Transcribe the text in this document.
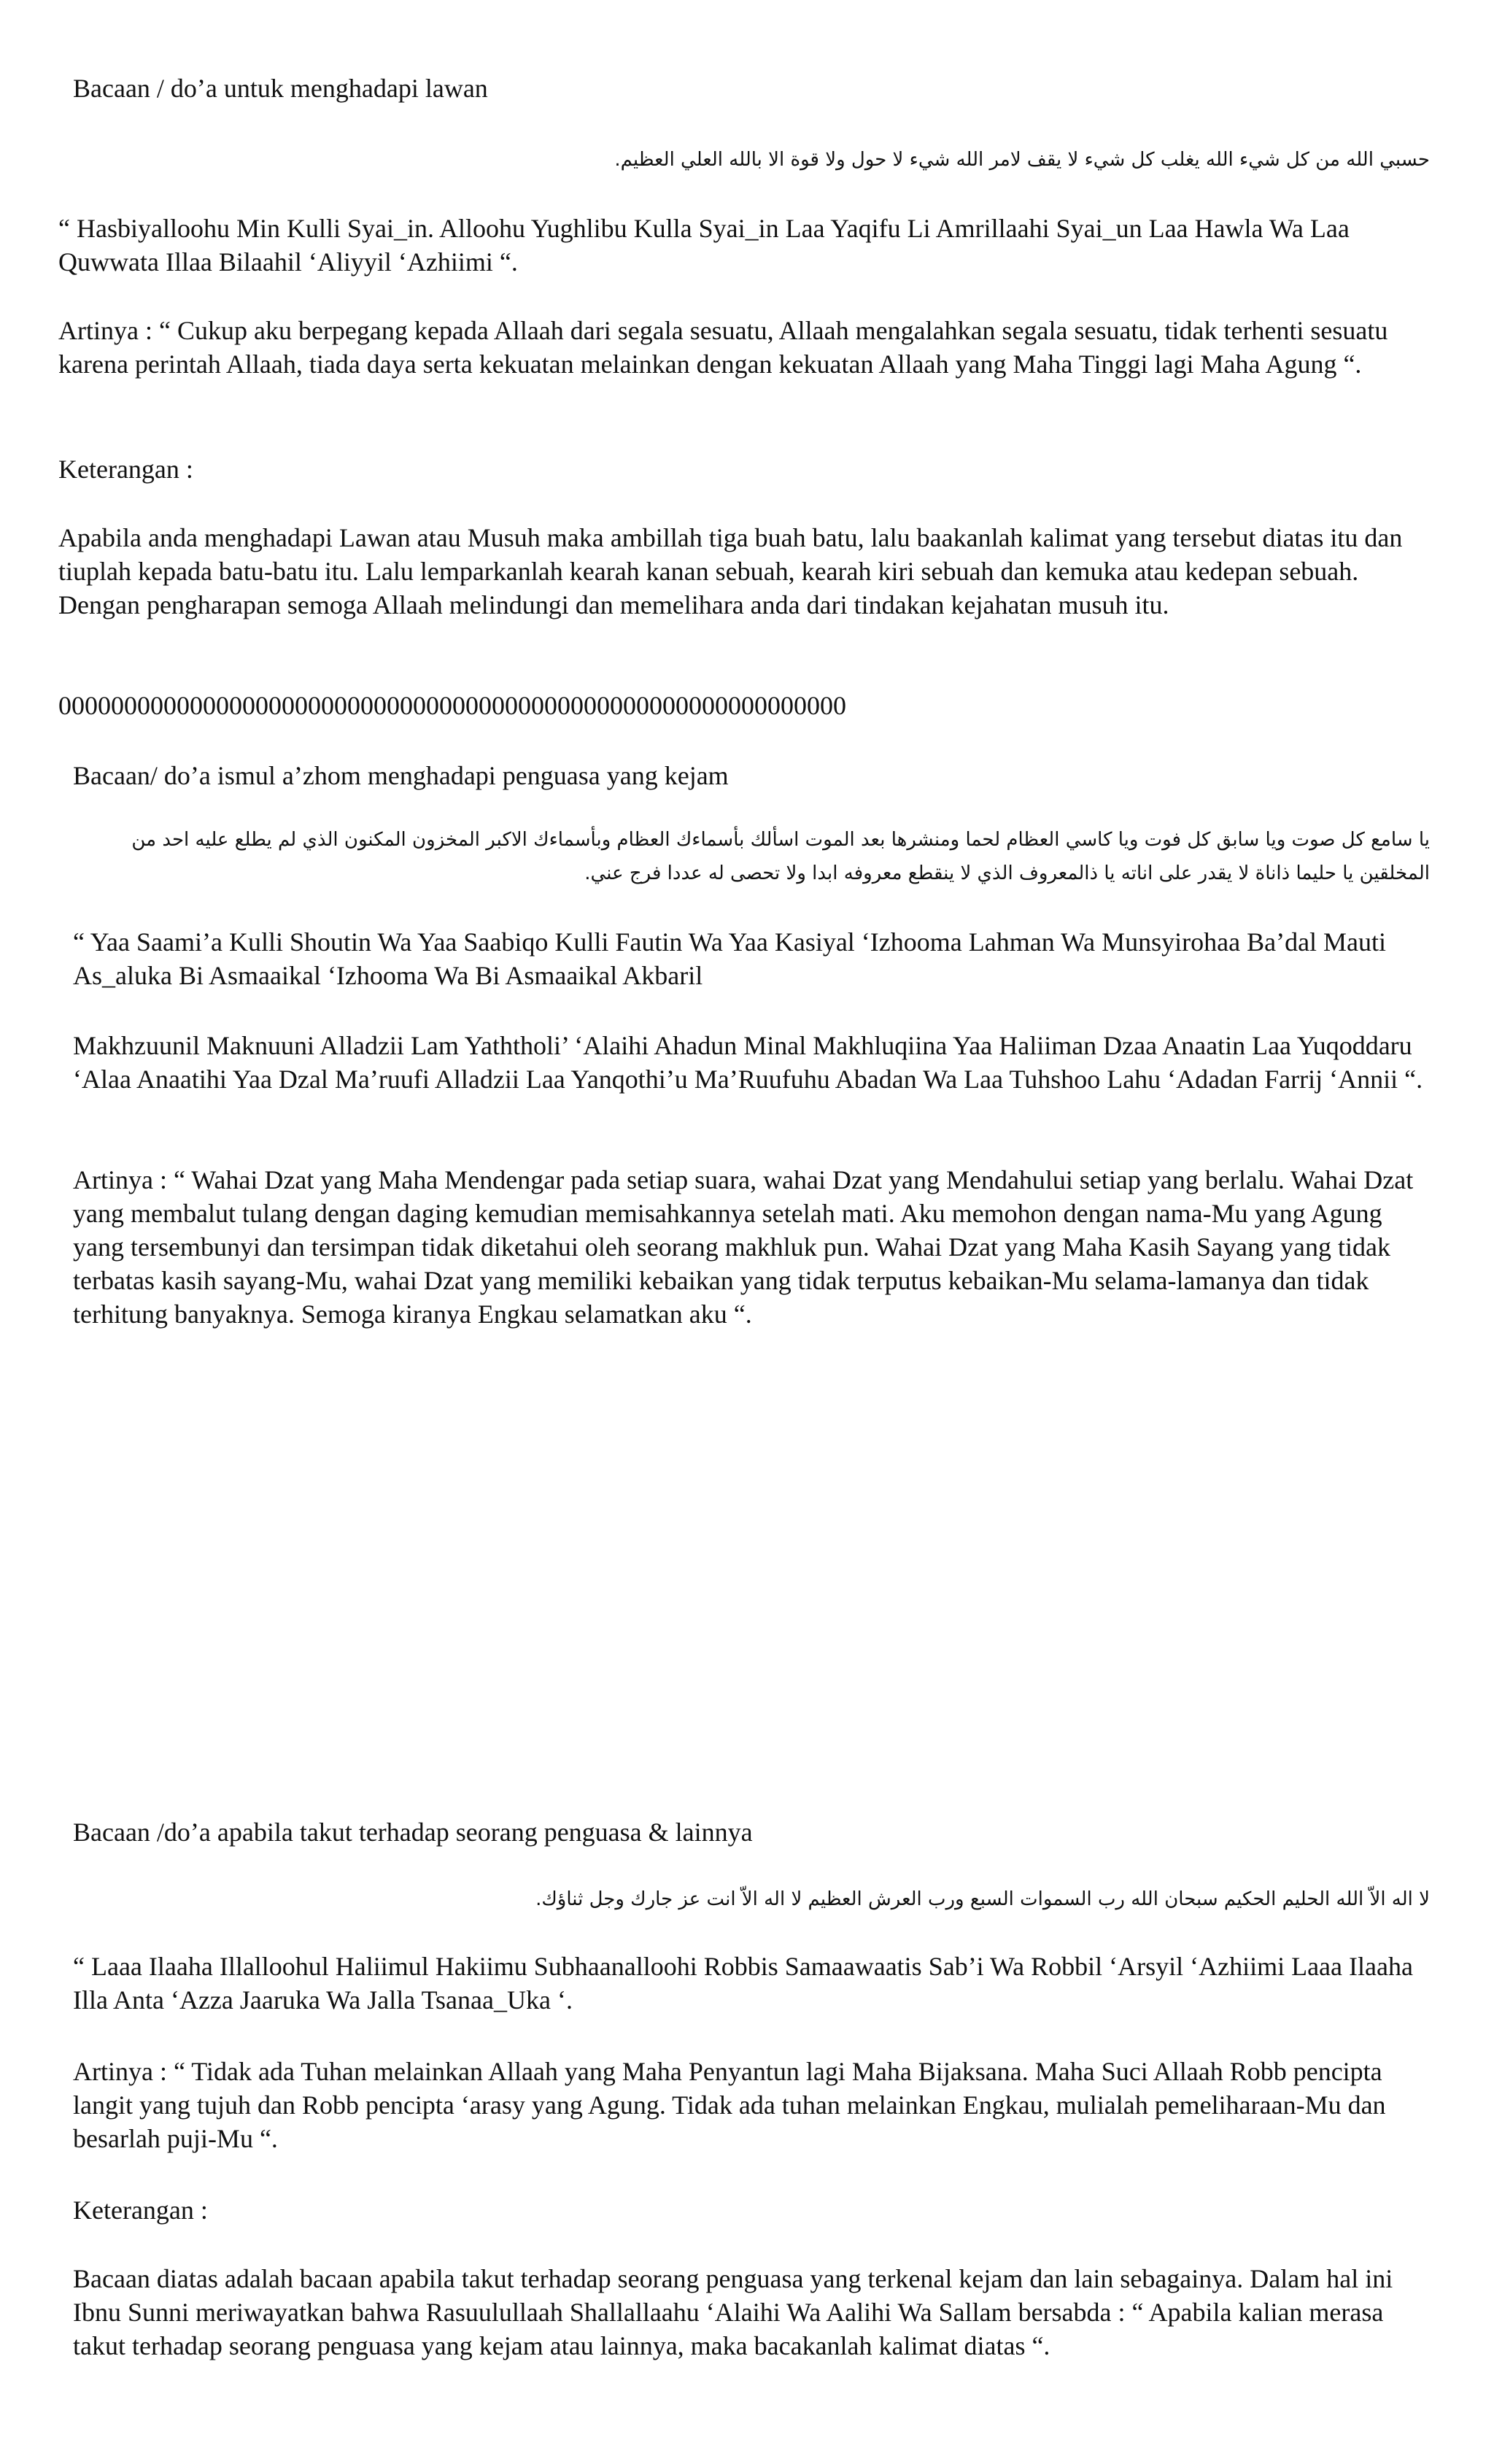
Bacaan / do’a untuk menghadapi lawan

حسبي الله من كل شيء الله يغلب كل شيء لا يقف لامر الله شيء لا حول ولا قوة الا بالله العلي العظيم.

“ Hasbiyalloohu Min Kulli Syai_in. Alloohu Yughlibu Kulla Syai_in Laa Yaqifu Li Amrillaahi Syai_un Laa Hawla Wa Laa Quwwata Illaa Bilaahil ‘Aliyyil ‘Azhiimi “.

Artinya : “ Cukup aku berpegang kepada Allaah dari segala sesuatu, Allaah mengalahkan segala sesuatu, tidak terhenti sesuatu karena perintah Allaah, tiada daya serta kekuatan melainkan dengan kekuatan Allaah yang Maha Tinggi lagi Maha Agung “.

Keterangan :

Apabila anda menghadapi Lawan atau Musuh maka ambillah tiga buah batu, lalu baakanlah kalimat yang tersebut diatas itu dan tiuplah kepada batu-batu itu. Lalu lemparkanlah kearah kanan sebuah, kearah kiri sebuah dan kemuka atau kedepan sebuah. Dengan pengharapan semoga Allaah melindungi dan memelihara anda dari tindakan kejahatan musuh itu.

000000000000000000000000000000000000000000000000000000000000

Bacaan/ do’a ismul a’zhom menghadapi penguasa yang kejam

يا سامع كل صوت ويا سابق كل فوت ويا كاسي العظام لحما ومنشرها بعد الموت اسألك بأسماءك العظام وبأسماءك الاكبر المخزون المكنون الذي لم يطلع عليه احد من المخلقين يا حليما ذاناة لا يقدر على اناته يا ذالمعروف الذي لا ينقطع معروفه ابدا ولا تحصى له عددا فرج عني.

“ Yaa Saami’a Kulli Shoutin Wa Yaa Saabiqo Kulli Fautin Wa Yaa Kasiyal ‘Izhooma Lahman Wa Munsyirohaa Ba’dal Mauti As_aluka Bi Asmaaikal ‘Izhooma Wa Bi Asmaaikal Akbaril

Makhzuunil Maknuuni Alladzii Lam Yaththoli’ ‘Alaihi Ahadun Minal Makhluqiina Yaa Haliiman Dzaa Anaatin Laa Yuqoddaru ‘Alaa Anaatihi Yaa Dzal Ma’ruufi Alladzii Laa Yanqothi’u Ma’Ruufuhu Abadan Wa Laa Tuhshoo Lahu ‘Adadan Farrij ‘Annii “.

Artinya : “ Wahai Dzat yang Maha Mendengar pada setiap suara, wahai Dzat yang Mendahului setiap yang berlalu. Wahai Dzat yang membalut tulang dengan daging kemudian memisahkannya setelah mati. Aku memohon dengan nama-Mu yang Agung yang tersembunyi dan tersimpan tidak diketahui oleh seorang makhluk pun. Wahai Dzat yang Maha Kasih Sayang yang tidak terbatas kasih sayang-Mu, wahai Dzat yang memiliki kebaikan yang tidak terputus kebaikan-Mu selama-lamanya dan tidak terhitung banyaknya. Semoga kiranya Engkau selamatkan aku “.

Bacaan /do’a apabila takut terhadap seorang penguasa & lainnya

لا اله الاّ الله الحليم الحكيم سبحان الله رب السموات السبع ورب العرش العظيم لا اله الاّ انت عز جارك وجل ثناؤك.

“ Laaa Ilaaha Illalloohul Haliimul Hakiimu Subhaanalloohi Robbis Samaawaatis Sab’i Wa Robbil ‘Arsyil ‘Azhiimi Laaa Ilaaha Illa Anta ‘Azza Jaaruka Wa Jalla Tsanaa_Uka ‘.

Artinya : “ Tidak ada Tuhan melainkan Allaah yang Maha Penyantun lagi Maha Bijaksana. Maha Suci Allaah Robb pencipta langit yang tujuh dan Robb pencipta ‘arasy yang Agung. Tidak ada tuhan melainkan Engkau, mulialah pemeliharaan-Mu dan besarlah puji-Mu “.

Keterangan :

Bacaan diatas adalah bacaan apabila takut terhadap seorang penguasa yang terkenal kejam dan lain sebagainya. Dalam hal ini Ibnu Sunni meriwayatkan bahwa Rasuulullaah Shallallaahu ‘Alaihi Wa Aalihi Wa Sallam bersabda : “ Apabila kalian merasa takut terhadap seorang penguasa yang kejam atau lainnya, maka bacakanlah kalimat diatas “.
